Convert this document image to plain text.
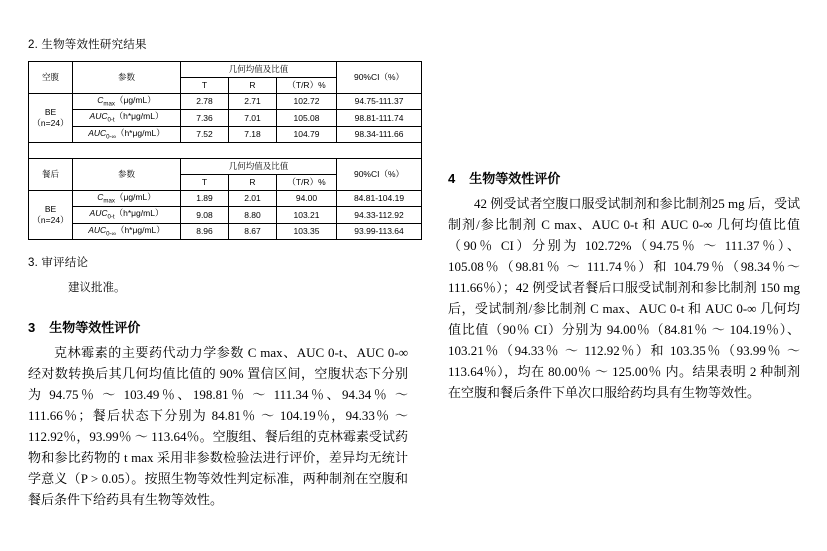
2. 生物等效性研究结果
空腹	参数	几何均值及比值			90%CI（%）
		T	R	（T/R）%	
BE
（n=24）	$C_{max}(\mu g/mL)$	2.78	2.71	102.72	94.75-111.37
	$AUC_{0-t}(h*\mu g/mL)$	7.36	7.01	105.08	98.81-111.74
	$AUC_{0-\infty}(h*\mu g/mL)$	7.52	7.18	104.79	98.34-111.66

餐后	参数	几何均值及比值			90%CI（%）
		T	R	（T/R）%	
BE
（n=24）	$C_{max}(\mu g/mL)$	1.89	2.01	94.00	84.81-104.19
	$AUC_{0-t}(h*\mu g/mL)$	9.08	8.80	103.21	94.33-112.92
	$AUC_{0-\infty}(h*\mu g/mL)$	8.96	8.67	103.35	93.99-113.64
3. 审评结论
建议批准。
3 生物等效性评价

克林霉素的主要药代动力学参数 C max、AUC 0-t、AUC 0-∞ 经对数转换后其几何均值比值的 90% 置信区间，空腹状态下分别为 94.75％ ～ 103.49％、198.81％ ～ 111.34％、94.34％ ～ 111.66％；餐后状态下分别为 84.81％ ～ 104.19％，94.33％ ～ 112.92％，93.99％ ～ 113.64％。空腹组、餐后组的克林霉素受试药物和参比药物的 t max 采用非参数检验法进行评价，差异均无统计学意义（P > 0.05）。按照生物等效性判定标准，两种制剂在空腹和餐后条件下给药具有生物等效性。

4 生物等效性评价

42 例受试者空腹口服受试制剂和参比制剂25 mg 后，受试制剂/参比制剂 C max、AUC 0-t 和 AUC 0-∞ 几何均值比值（90％ CI）分别为 102.72%（94.75％ ～ 111.37％）、105.08％（98.81％ ～ 111.74％）和 104.79％（98.34％～111.66％）；42 例受试者餐后口服受试制剂和参比制剂 150 mg 后，受试制剂/参比制剂 C max、AUC 0-t 和 AUC 0-∞ 几何均值比值（90％ CI）分别为 94.00％（84.81％ ～ 104.19％）、103.21％（94.33％ ～ 112.92％）和 103.35％（93.99％ ～ 113.64％），均在 80.00％ ～ 125.00％ 内。结果表明 2 种制剂在空腹和餐后条件下单次口服给药均具有生物等效性。
